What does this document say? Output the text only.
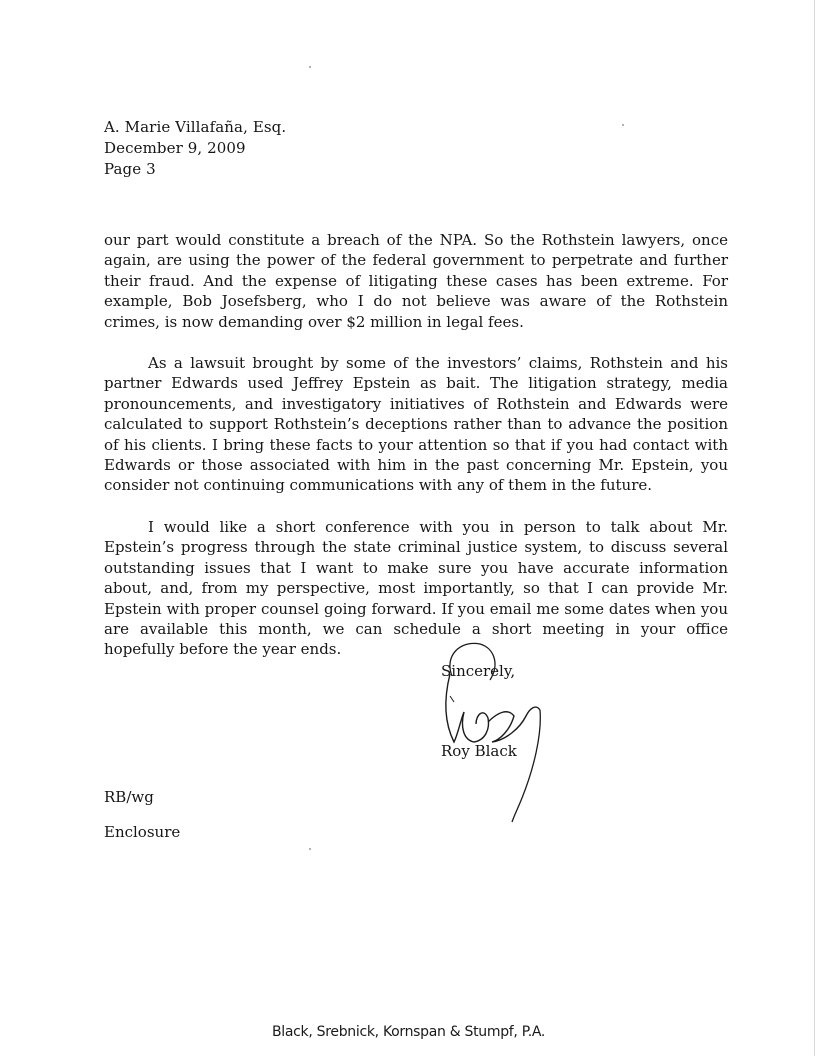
A. Marie Villafaña, Esq.
December 9, 2009
Page 3

our part would constitute a breach of the NPA. So the Rothstein lawyers, once again, are using the power of the federal government to perpetrate and further their fraud. And the expense of litigating these cases has been extreme. For example, Bob Josefsberg, who I do not believe was aware of the Rothstein crimes, is now demanding over $2 million in legal fees.

As a lawsuit brought by some of the investors’ claims, Rothstein and his partner Edwards used Jeffrey Epstein as bait. The litigation strategy, media pronouncements, and investigatory initiatives of Rothstein and Edwards were calculated to support Rothstein’s deceptions rather than to advance the position of his clients. I bring these facts to your attention so that if you had contact with Edwards or those associated with him in the past concerning Mr. Epstein, you consider not continuing communications with any of them in the future.

I would like a short conference with you in person to talk about Mr. Epstein’s progress through the state criminal justice system, to discuss several outstanding issues that I want to make sure you have accurate information about, and, from my perspective, most importantly, so that I can provide Mr. Epstein with proper counsel going forward. If you email me some dates when you are available this month, we can schedule a short meeting in your office hopefully before the year ends.

Sincerely,
Roy Black
RB/wg
Enclosure
Black, Srebnick, Kornspan & Stumpf, P.A.
